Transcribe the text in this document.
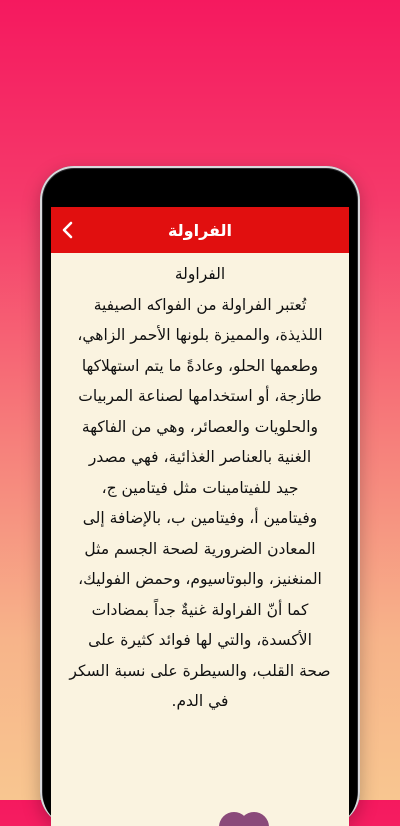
الفراولة
الفراولة
تُعتبر الفراولة من الفواكه الصيفية
اللذيذة، والمميزة بلونها الأحمر الزاهي،
وطعمها الحلو، وعادةً ما يتم استهلاكها
طازجة، أو استخدامها لصناعة المربيات
والحلويات والعصائر، وهي من الفاكهة
الغنية بالعناصر الغذائية، فهي مصدر
جيد للفيتامينات مثل فيتامين ج،
وفيتامين أ، وفيتامين ب، بالإضافة إلى
المعادن الضرورية لصحة الجسم مثل
المنغنيز، والبوتاسيوم، وحمض الفوليك،
كما أنّ الفراولة غنيةٌ جداً بمضادات
الأكسدة، والتي لها فوائد كثيرة على
صحة القلب، والسيطرة على نسبة السكر
في الدم.
